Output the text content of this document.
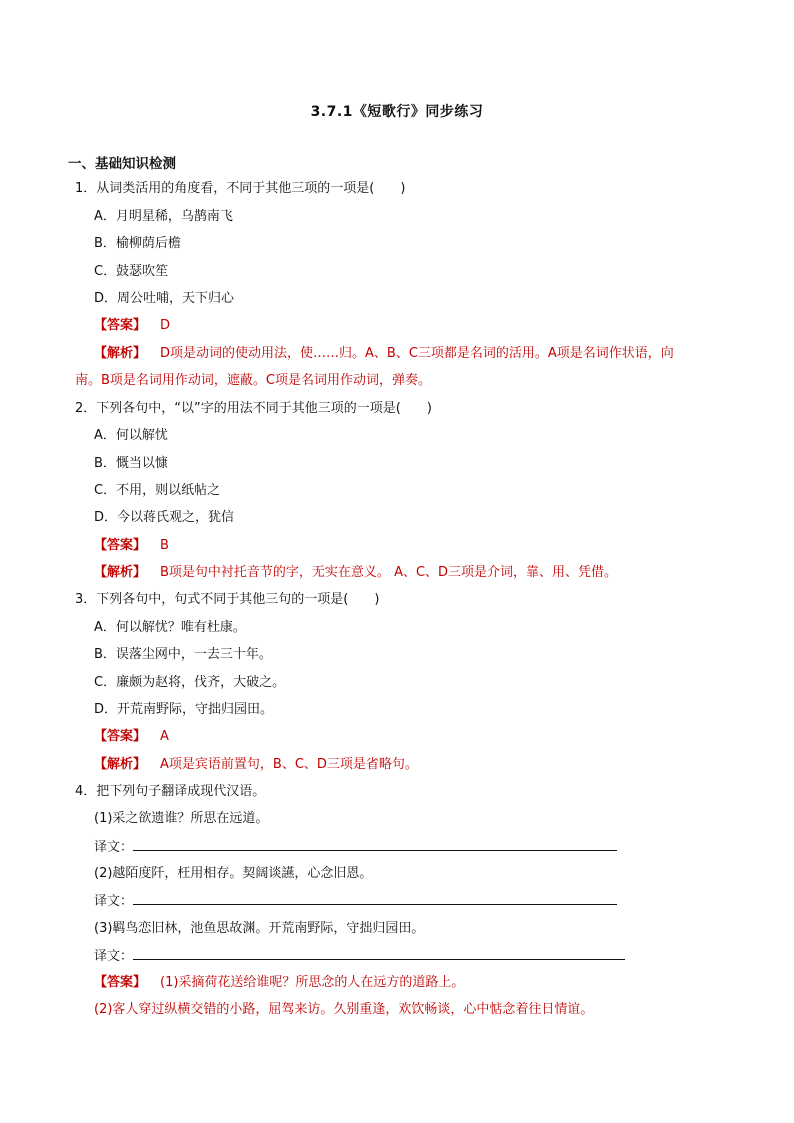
3.7.1《短歌行》同步练习
一、基础知识检测
1．从词类活用的角度看，不同于其他三项的一项是(　　)
A．月明星稀，乌鹊南飞
B．榆柳荫后檐
C．鼓瑟吹笙
D．周公吐哺，天下归心
【答案】 D
【解析】 D项是动词的使动用法，使……归。A、B、C三项都是名词的活用。A项是名词作状语，向
南。B项是名词用作动词，遮蔽。C项是名词用作动词，弹奏。
2．下列各句中，“以”字的用法不同于其他三项的一项是(　　)
A．何以解忧
B．慨当以慷
C．不用，则以纸帖之
D．今以蒋氏观之，犹信
【答案】 B
【解析】 B项是句中衬托音节的字，无实在意义。 A、C、D三项是介词，靠、用、凭借。
3．下列各句中，句式不同于其他三句的一项是(　　)
A．何以解忧？唯有杜康。
B．误落尘网中，一去三十年。
C．廉颇为赵将，伐齐，大破之。
D．开荒南野际，守拙归园田。
【答案】 A
【解析】 A项是宾语前置句，B、C、D三项是省略句。
4．把下列句子翻译成现代汉语。
(1)采之欲遗谁？所思在远道。
译文：
(2)越陌度阡，枉用相存。契阔谈讌，心念旧恩。
译文：
(3)羁鸟恋旧林，池鱼思故渊。开荒南野际，守拙归园田。
译文：
【答案】 (1)采摘荷花送给谁呢？所思念的人在远方的道路上。
(2)客人穿过纵横交错的小路，屈驾来访。久别重逢，欢饮畅谈，心中惦念着往日情谊。
